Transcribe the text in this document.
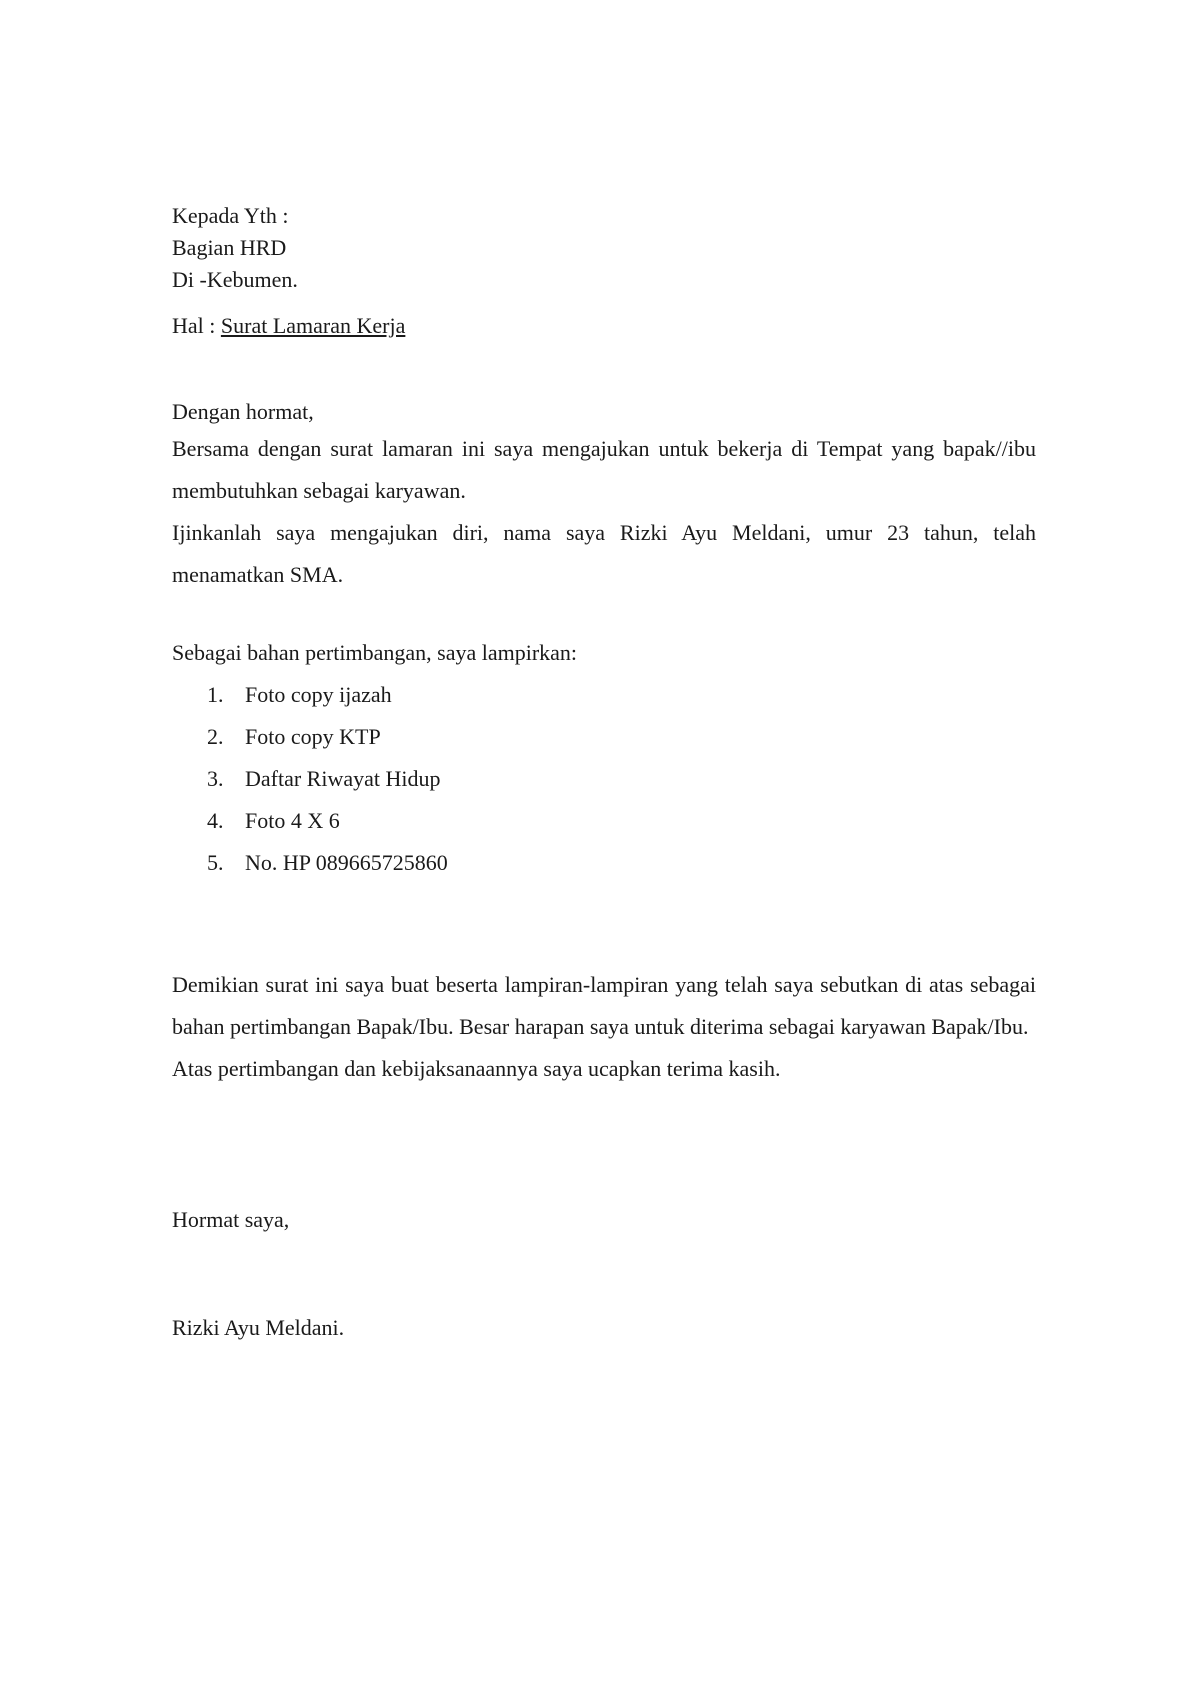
Kepada Yth :
Bagian HRD
Di -Kebumen.
Hal : Surat Lamaran Kerja
Dengan hormat,

Bersama dengan surat lamaran ini saya mengajukan untuk bekerja di Tempat yang bapak//ibu membutuhkan sebagai karyawan.

Ijinkanlah saya mengajukan diri, nama saya Rizki Ayu Meldani, umur 23 tahun, telah menamatkan SMA.

Sebagai bahan pertimbangan, saya lampirkan:
1. Foto copy ijazah
2. Foto copy KTP
3. Daftar Riwayat Hidup
4. Foto 4 X 6
5. No. HP 089665725860

Demikian surat ini saya buat beserta lampiran-lampiran yang telah saya sebutkan di atas sebagai bahan pertimbangan Bapak/Ibu. Besar harapan saya untuk diterima sebagai karyawan Bapak/Ibu.

Atas pertimbangan dan kebijaksanaannya saya ucapkan terima kasih.

Hormat saya,
Rizki Ayu Meldani.
